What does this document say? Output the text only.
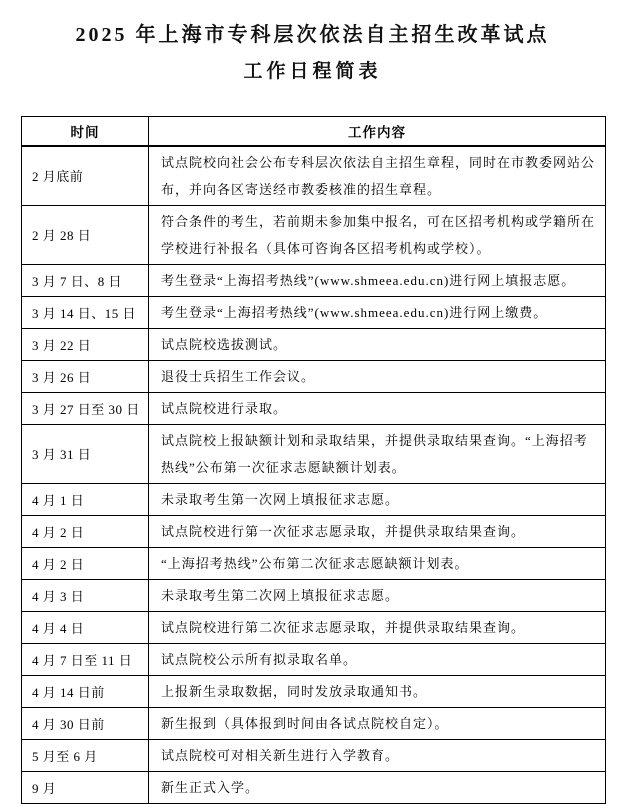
2025 年上海市专科层次依法自主招生改革试点
工作日程简表
时间	工作内容
2 月底前	试点院校向社会公布专科层次依法自主招生章程，同时在市教委网站公布，并向各区寄送经市教委核准的招生章程。
2 月 28 日	符合条件的考生，若前期未参加集中报名，可在区招考机构或学籍所在学校进行补报名（具体可咨询各区招考机构或学校）。
3 月 7 日、8 日	考生登录“上海招考热线”(www.shmeea.edu.cn)进行网上填报志愿。
3 月 14 日、15 日	考生登录“上海招考热线”(www.shmeea.edu.cn)进行网上缴费。
3 月 22 日	试点院校选拔测试。
3 月 26 日	退役士兵招生工作会议。
3 月 27 日至 30 日	试点院校进行录取。
3 月 31 日	试点院校上报缺额计划和录取结果，并提供录取结果查询。“上海招考热线”公布第一次征求志愿缺额计划表。
4 月 1 日	未录取考生第一次网上填报征求志愿。
4 月 2 日	试点院校进行第一次征求志愿录取，并提供录取结果查询。
4 月 2 日	“上海招考热线”公布第二次征求志愿缺额计划表。
4 月 3 日	未录取考生第二次网上填报征求志愿。
4 月 4 日	试点院校进行第二次征求志愿录取，并提供录取结果查询。
4 月 7 日至 11 日	试点院校公示所有拟录取名单。
4 月 14 日前	上报新生录取数据，同时发放录取通知书。
4 月 30 日前	新生报到（具体报到时间由各试点院校自定）。
5 月至 6 月	试点院校可对相关新生进行入学教育。
9 月	新生正式入学。
